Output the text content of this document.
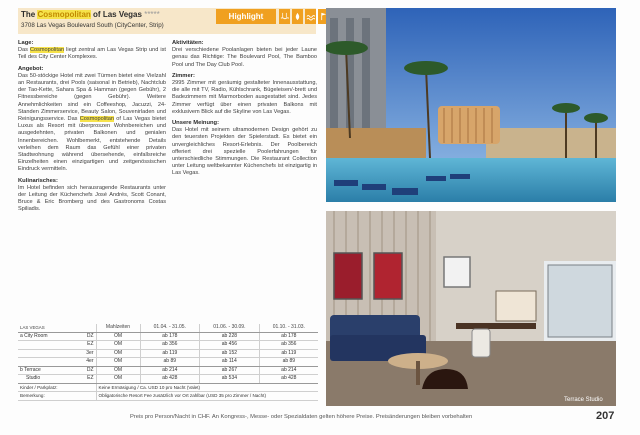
The Cosmopolitan of Las Vegas *****
3708 Las Vegas Boulevard South (CityCenter, Strip)
Highlight
Lage:
Das Cosmopolitan liegt zentral am Las Vegas Strip und ist Teil des City Center Komplexes.
Angebot:
Das 50-stöckige Hotel mit zwei Türmen bietet eine Vielzahl an Restaurants, drei Pools (saisonal in Betrieb), Nachtclub der Tao-Kette, Sahara Spa & Hamman (gegen Gebühr), 2 Fitnessbereiche (gegen Gebühr). Weitere Annehmlichkeiten sind ein Coffeeshop, Jacuzzi, 24-Standen Zimmerservice, Beauty Salon, Souvenirladen und Reinigungsservice. Das Cosmopolitan of Las Vegas bietet Luxus als Resort mit überproszen Wohnbereichen und ausgedehnten, privaten Balkonen und genialen Innenbereichen. Wohlbemerkt, entstehende Details verleihen dem Raum das Gefühl einer privaten Stadtwohnung während übersehende, einfallsreiche Einzelheiten einen einzigartigen und zeitgenössischen Eindruck vermitteln.
Kulinarisches:
Im Hotel befinden sich herausragende Restaurants unter der Leitung der Küchenchefs José Andrés, Scott Conant, Bruce & Eric Bromberg und des Gastronoms Costas Spiliadis.
Aktivitäten:
Drei verschiedene Poolanlagen bieten bei jeder Laune genau das Richtige: The Boulevard Pool, The Bamboo Pool und The Day Club Pool.
Zimmer:
2995 Zimmer mit geräumig gestalteter Innenausstattung, die alle mit TV, Radio, Kühlschrank, Bügeleisen/-brett und Badezimmern mit Marmorboden ausgestattet sind. Jedes Zimmer verfügt über einen privaten Balkons mit exklusivem Blick auf die Skyline von Las Vegas.
Unsere Meinung:
Das Hotel mit seinem ultramodernen Design gehört zu den teuersten Projekten der Spielerstadt. Es bietet ein unvergleichliches Resort-Erlebnis. Der Poolbereich offeriert drei spezielle Poolerfahrungen für unterschiedliche Stimmungen. Die Restaurant Collection unter Leitung weltbekannter Küchenchefs ist einzigartig in Las Vegas.
LAS VEGAS		Mahlzeiten	01.04. - 31.05.	01.06. - 30.09.	01.10. - 31.03.
a City Room	DZ	OM	ab 178	ab 228	ab 178
	EZ	OM	ab 356	ab 456	ab 356
	3er	OM	ab 119	ab 152	ab 119
	4er	OM	ab 89	ab 114	ab 89
b Terrace	DZ	OM	ab 214	ab 267	ab 214
Studio	EZ	OM	ab 428	ab 534	ab 428
Kinder / Parkplatz:		Keine Ermäsigung / Ca. USD 10 pro Nacht (Valet)			
Bemerkung:		Obligatorische Resort Fee zusätzlich vor Ort zahlbar (USD 35 pro Zimmer / Nacht)			
Terrace Studio
Preis pro Person/Nacht in CHF. An Kongress-, Messe- oder Spezialdaten gelten höhere Preise. Preisänderungen bleiben vorbehalten	207
